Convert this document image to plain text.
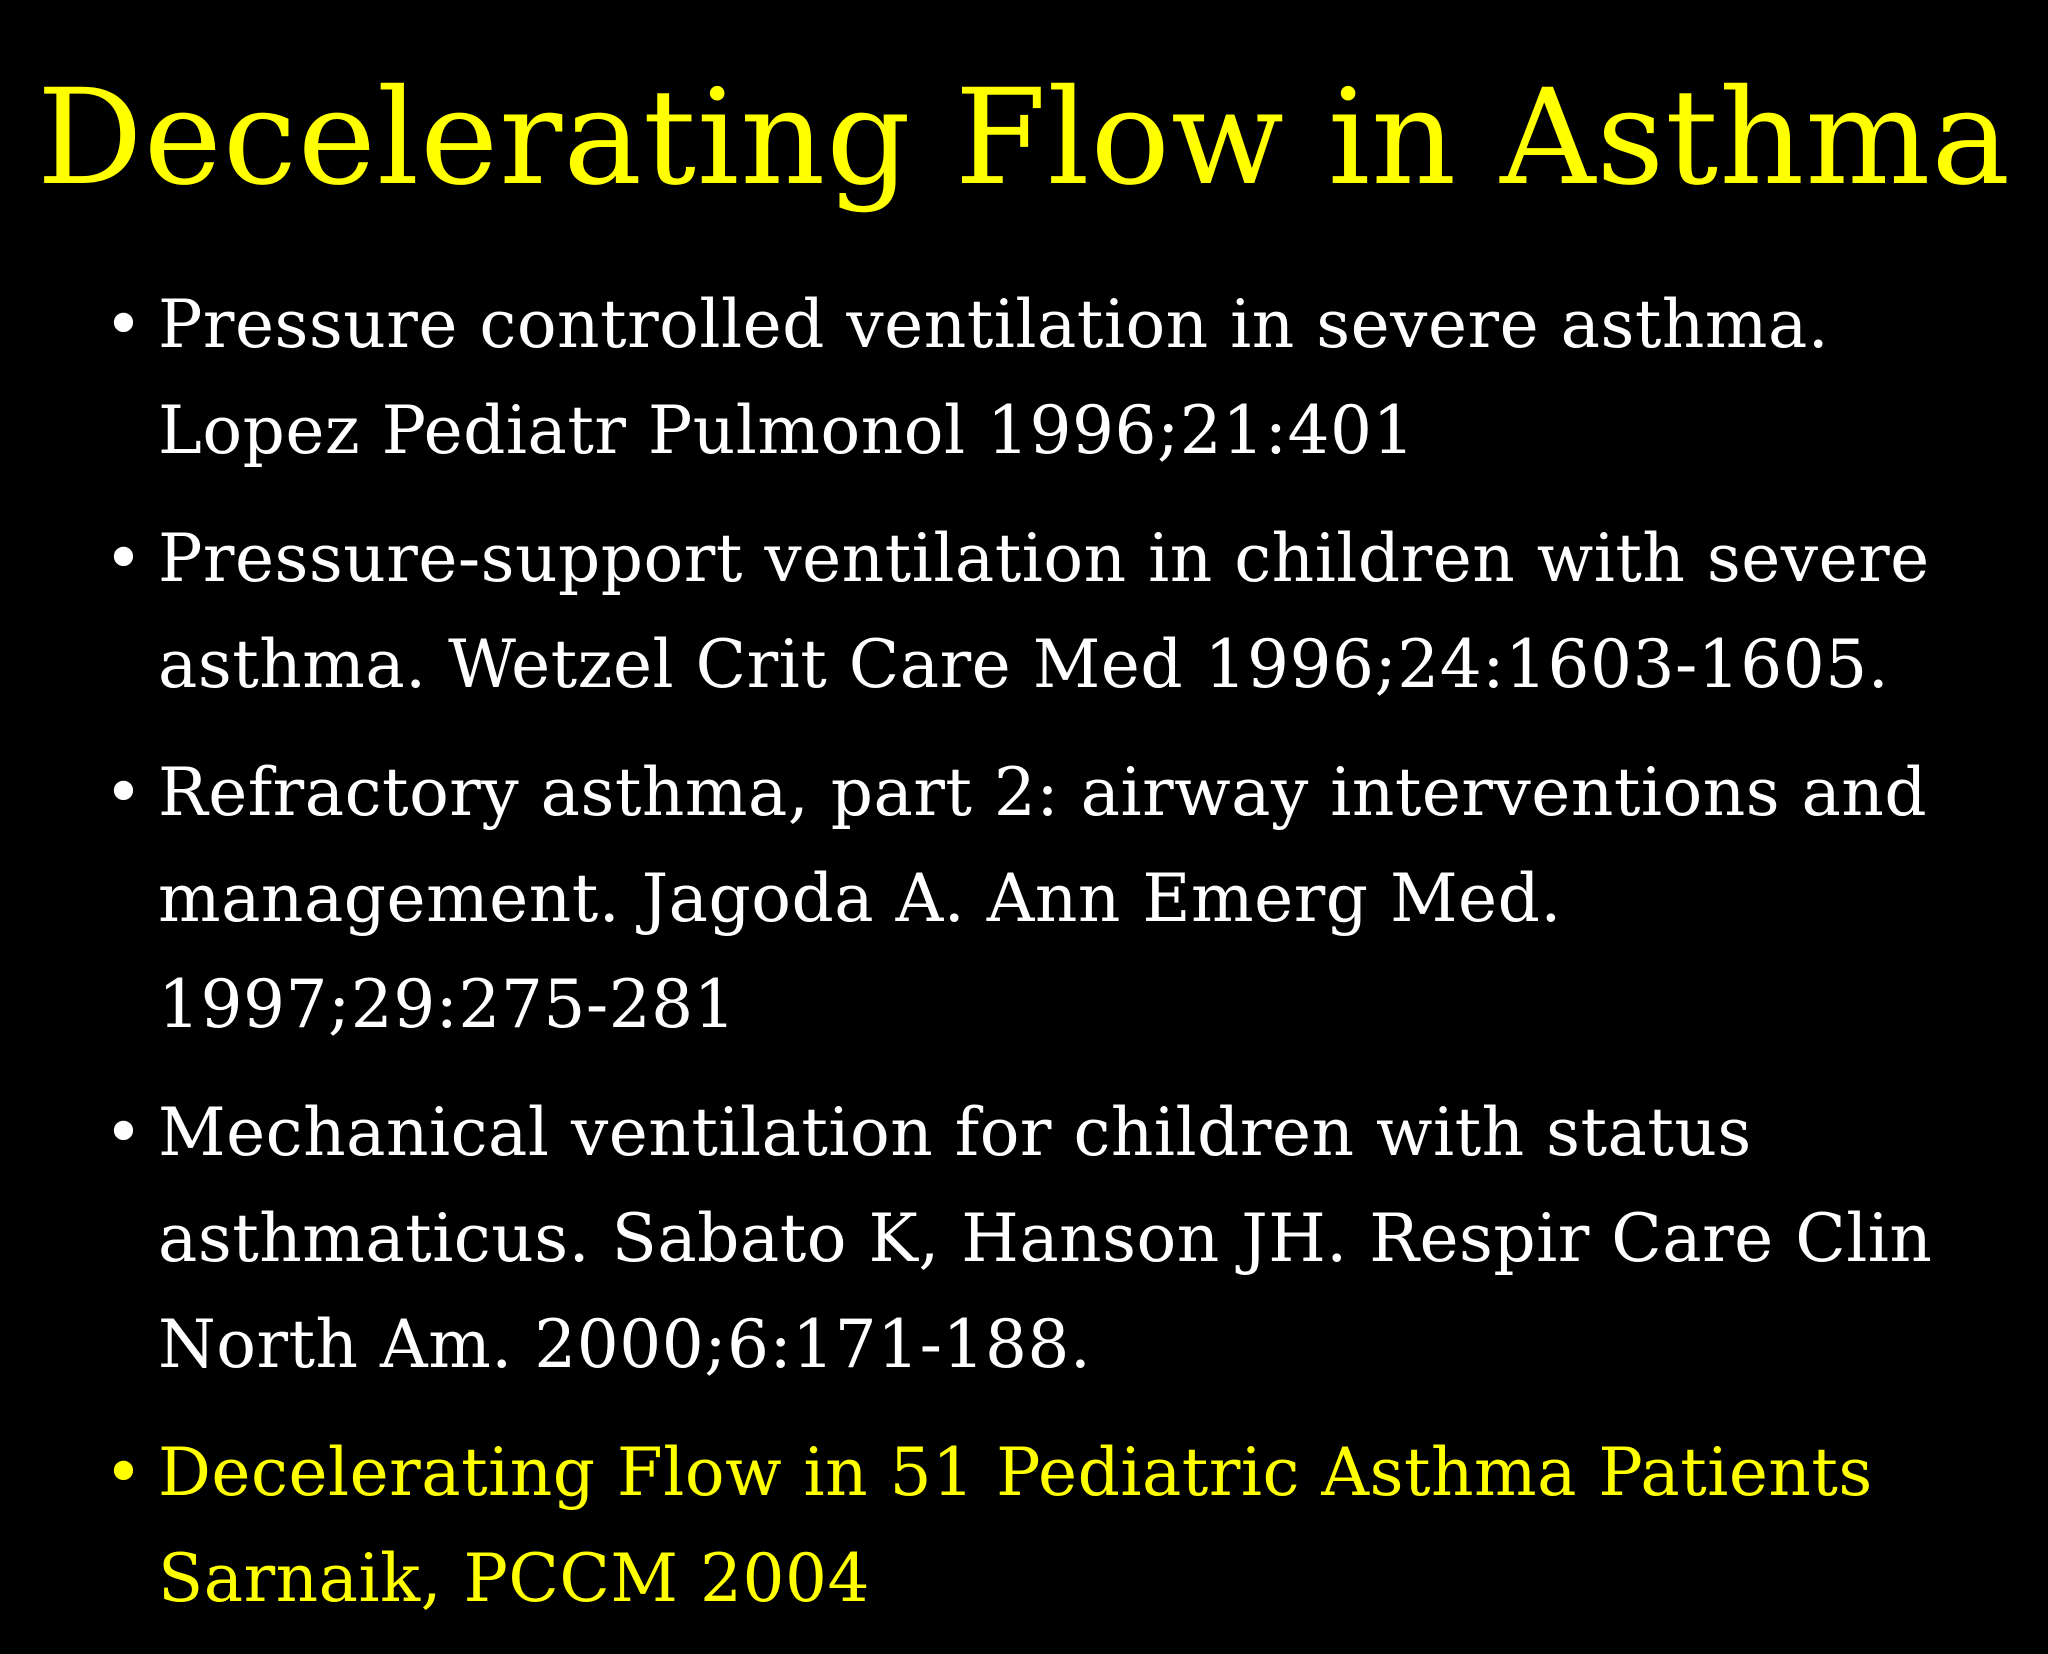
Decelerating Flow in Asthma
• Pressure controlled ventilation in severe asthma. Lopez Pediatr Pulmonol 1996;21:401
• Pressure-support ventilation in children with severe asthma. Wetzel Crit Care Med 1996;24:1603-1605.
• Refractory asthma, part 2: airway interventions and management. Jagoda A. Ann Emerg Med. 1997;29:275-281
• Mechanical ventilation for children with status asthmaticus. Sabato K, Hanson JH. Respir Care Clin North Am. 2000;6:171-188.
• Decelerating Flow in 51 Pediatric Asthma Patients Sarnaik, PCCM 2004
